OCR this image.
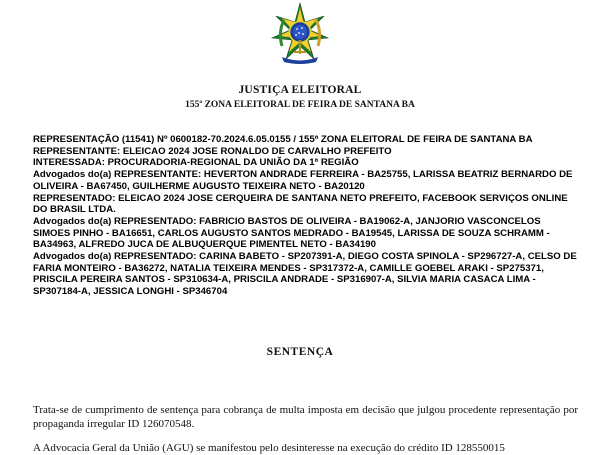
JUSTIÇA ELEITORAL
155ª ZONA ELEITORAL DE FEIRA DE SANTANA BA
REPRESENTAÇÃO (11541) Nº 0600182-70.2024.6.05.0155 / 155ª ZONA ELEITORAL DE FEIRA DE SANTANA BA
REPRESENTANTE: ELEICAO 2024 JOSE RONALDO DE CARVALHO PREFEITO
INTERESSADA: PROCURADORIA-REGIONAL DA UNIÃO DA 1ª REGIÃO
Advogados do(a) REPRESENTANTE: HEVERTON ANDRADE FERREIRA - BA25755, LARISSA BEATRIZ BERNARDO DE OLIVEIRA - BA67450, GUILHERME AUGUSTO TEIXEIRA NETO - BA20120
REPRESENTADO: ELEICAO 2024 JOSE CERQUEIRA DE SANTANA NETO PREFEITO, FACEBOOK SERVIÇOS ONLINE DO BRASIL LTDA.
Advogados do(a) REPRESENTADO: FABRICIO BASTOS DE OLIVEIRA - BA19062-A, JANJORIO VASCONCELOS SIMOES PINHO - BA16651, CARLOS AUGUSTO SANTOS MEDRADO - BA19545, LARISSA DE SOUZA SCHRAMM - BA34963, ALFREDO JUCA DE ALBUQUERQUE PIMENTEL NETO - BA34190
Advogados do(a) REPRESENTADO: CARINA BABETO - SP207391-A, DIEGO COSTA SPINOLA - SP296727-A, CELSO DE FARIA MONTEIRO - BA36272, NATALIA TEIXEIRA MENDES - SP317372-A, CAMILLE GOEBEL ARAKI - SP275371, PRISCILA PEREIRA SANTOS - SP310634-A, PRISCILA ANDRADE - SP316907-A, SILVIA MARIA CASACA LIMA - SP307184-A, JESSICA LONGHI - SP346704
SENTENÇA
Trata-se de cumprimento de sentença para cobrança de multa imposta em decisão que julgou procedente representação por propaganda irregular ID 126070548.
A Advocacia Geral da União (AGU) se manifestou pelo desinteresse na execução do crédito ID 128550015
